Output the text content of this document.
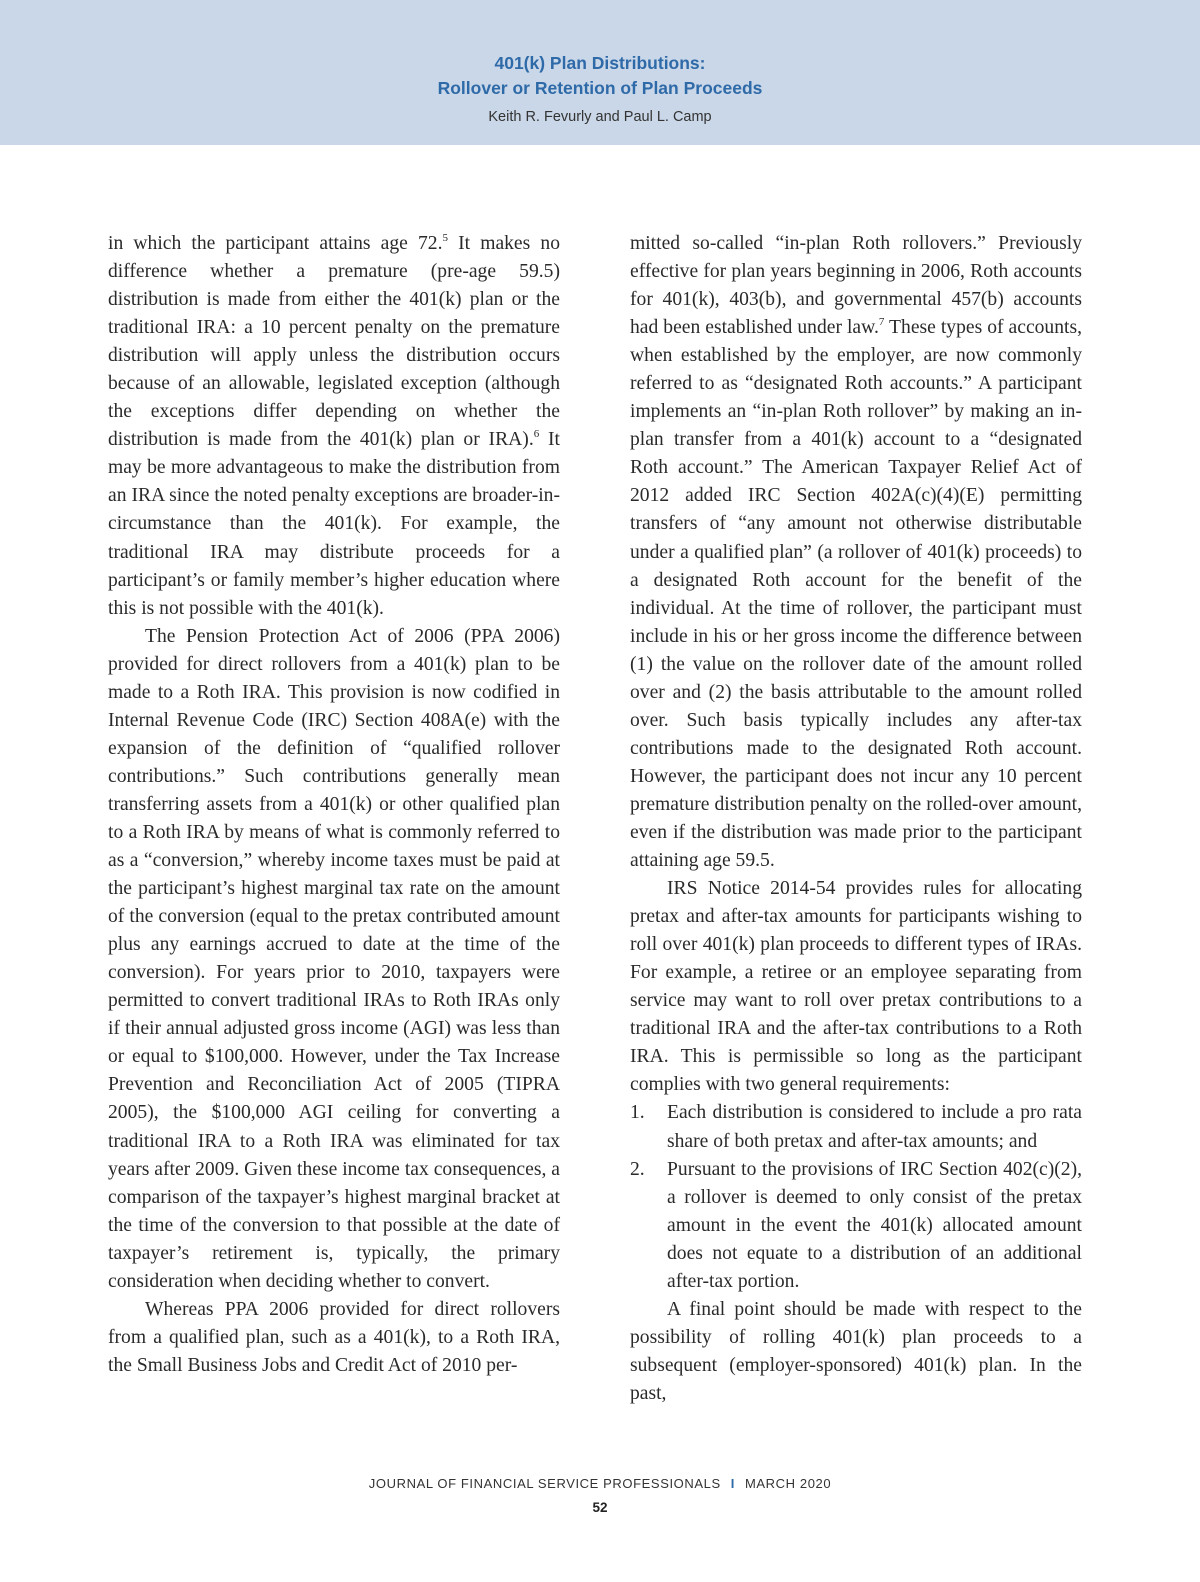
401(k) Plan Distributions:
Rollover or Retention of Plan Proceeds
Keith R. Fevurly and Paul L. Camp

in which the participant attains age 72.$^5$ It makes no difference whether a premature (pre-age 59.5) distribution is made from either the 401(k) plan or the traditional IRA: a 10 percent penalty on the premature distribution will apply unless the distribution occurs because of an allowable, legislated exception (although the exceptions differ depending on whether the distribution is made from the 401(k) plan or IRA).$^6$ It may be more advantageous to make the distribution from an IRA since the noted penalty exceptions are broader-in-circumstance than the 401(k). For example, the traditional IRA may distribute proceeds for a participant’s or family member’s higher education where this is not possible with the 401(k).

The Pension Protection Act of 2006 (PPA 2006) provided for direct rollovers from a 401(k) plan to be made to a Roth IRA. This provision is now codified in Internal Revenue Code (IRC) Section 408A(e) with the expansion of the definition of “qualified rollover contributions.” Such contributions generally mean transferring assets from a 401(k) or other qualified plan to a Roth IRA by means of what is commonly referred to as a “conversion,” whereby income taxes must be paid at the participant’s highest marginal tax rate on the amount of the conversion (equal to the pretax contributed amount plus any earnings accrued to date at the time of the conversion). For years prior to 2010, taxpayers were permitted to convert traditional IRAs to Roth IRAs only if their annual adjusted gross income (AGI) was less than or equal to $100,000. However, under the Tax Increase Prevention and Reconciliation Act of 2005 (TIPRA 2005), the $100,000 AGI ceiling for converting a traditional IRA to a Roth IRA was eliminated for tax years after 2009. Given these income tax consequences, a comparison of the taxpayer’s highest marginal bracket at the time of the conversion to that possible at the date of taxpayer’s retirement is, typically, the primary consideration when deciding whether to convert.

Whereas PPA 2006 provided for direct rollovers from a qualified plan, such as a 401(k), to a Roth IRA, the Small Business Jobs and Credit Act of 2010 per-

mitted so-called “in-plan Roth rollovers.” Previously effective for plan years beginning in 2006, Roth accounts for 401(k), 403(b), and governmental 457(b) accounts had been established under law.$^7$ These types of accounts, when established by the employer, are now commonly referred to as “designated Roth accounts.” A participant implements an “in-plan Roth rollover” by making an in-plan transfer from a 401(k) account to a “designated Roth account.” The American Taxpayer Relief Act of 2012 added IRC Section 402A(c)(4)(E) permitting transfers of “any amount not otherwise distributable under a qualified plan” (a rollover of 401(k) proceeds) to a designated Roth account for the benefit of the individual. At the time of rollover, the participant must include in his or her gross income the difference between (1) the value on the rollover date of the amount rolled over and (2) the basis attributable to the amount rolled over. Such basis typically includes any after-tax contributions made to the designated Roth account. However, the participant does not incur any 10 percent premature distribution penalty on the rolled-over amount, even if the distribution was made prior to the participant attaining age 59.5.

IRS Notice 2014-54 provides rules for allocating pretax and after-tax amounts for participants wishing to roll over 401(k) plan proceeds to different types of IRAs. For example, a retiree or an employee separating from service may want to roll over pretax contributions to a traditional IRA and the after-tax contributions to a Roth IRA. This is permissible so long as the participant complies with two general requirements:

1. Each distribution is considered to include a pro rata share of both pretax and after-tax amounts; and
2. Pursuant to the provisions of IRC Section 402(c)(2), a rollover is deemed to only consist of the pretax amount in the event the 401(k) allocated amount does not equate to a distribution of an additional after-tax portion.

A final point should be made with respect to the possibility of rolling 401(k) plan proceeds to a subsequent (employer-sponsored) 401(k) plan. In the past,

JOURNAL OF FINANCIAL SERVICE PROFESSIONALS I MARCH 2020
52
